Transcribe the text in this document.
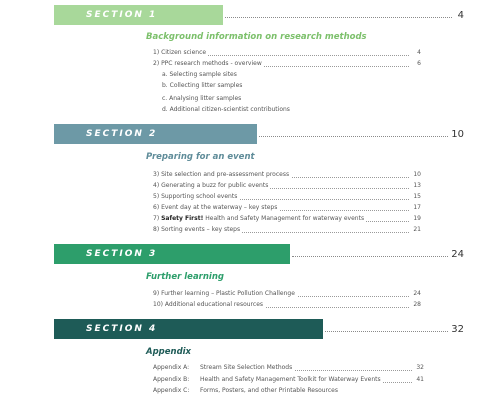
SECTION 1	4
Background information on research methods
1) Citizen science	4
2) PPC research methods - overview	6
a. Selecting sample sites
b. Collecting litter samples
c. Analysing litter samples
d. Additional citizen-scientist contributions
SECTION 2	10
Preparing for an event
3) Site selection and pre-assessment process	10
4) Generating a buzz for public events	13
5) Supporting school events	15
6) Event day at the waterway – key steps	17
7) Safety First! Health and Safety Management for waterway events	19
8) Sorting events – key steps	21
SECTION 3	24
Further learning
9) Further learning – Plastic Pollution Challenge	24
10) Additional educational resources	28
SECTION 4	32
Appendix
Appendix A: Stream Site Selection Methods	32
Appendix B: Health and Safety Management Toolkit for Waterway Events	41
Appendix C: Forms, Posters, and other Printable Resources
